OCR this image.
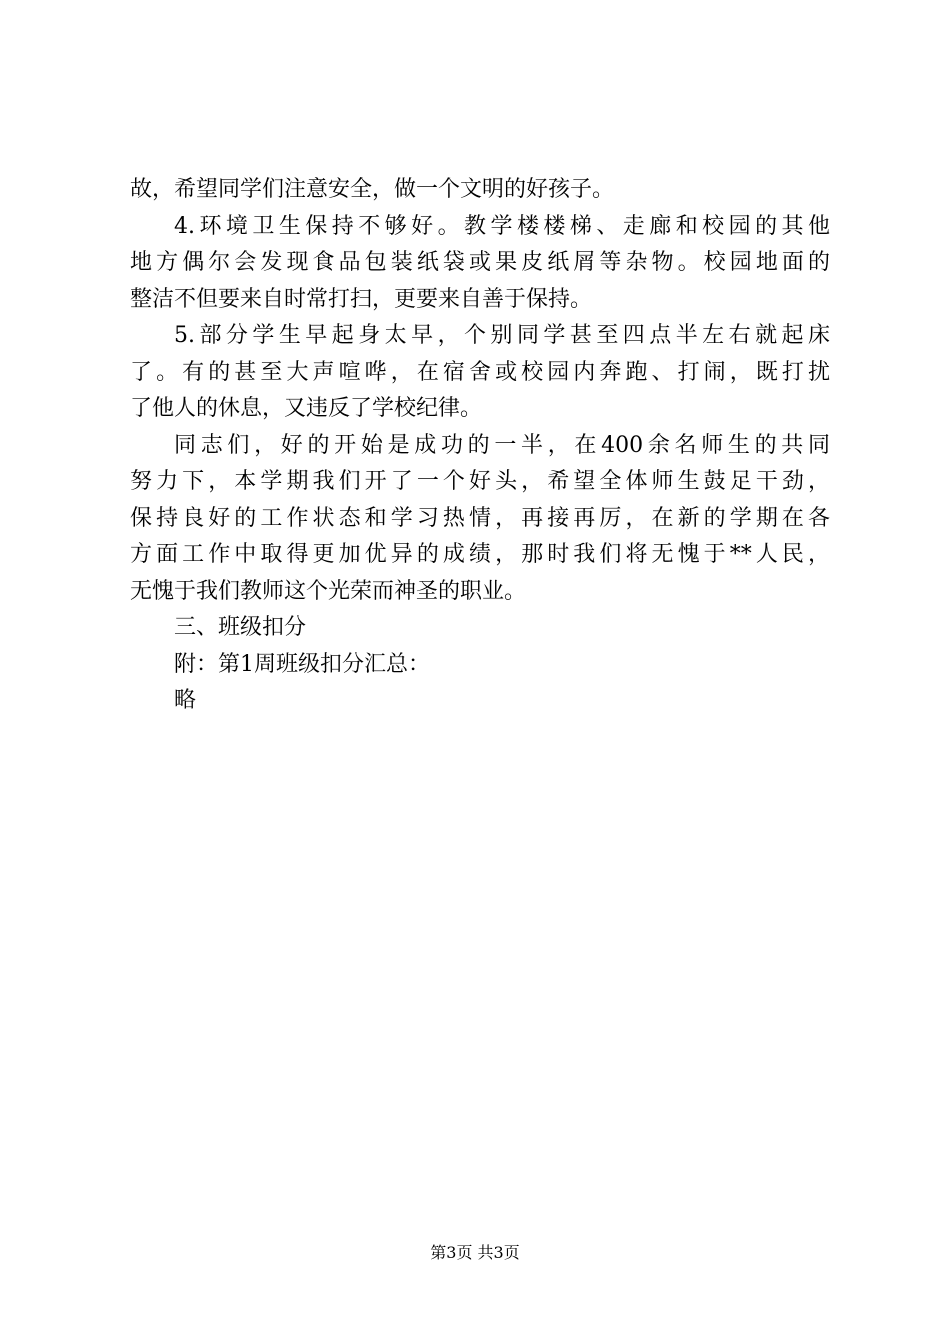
故，希望同学们注意安全，做一个文明的好孩子。
4.环境卫生保持不够好。教学楼楼梯、走廊和校园的其他
地方偶尔会发现食品包装纸袋或果皮纸屑等杂物。校园地面的
整洁不但要来自时常打扫，更要来自善于保持。
5.部分学生早起身太早，个别同学甚至四点半左右就起床
了。有的甚至大声喧哗，在宿舍或校园内奔跑、打闹，既打扰
了他人的休息，又违反了学校纪律。
同志们，好的开始是成功的一半，在400余名师生的共同
努力下，本学期我们开了一个好头，希望全体师生鼓足干劲，
保持良好的工作状态和学习热情，再接再厉，在新的学期在各
方面工作中取得更加优异的成绩，那时我们将无愧于**人民，
无愧于我们教师这个光荣而神圣的职业。
三、班级扣分
附：第1周班级扣分汇总：
略
第3页 共3页
